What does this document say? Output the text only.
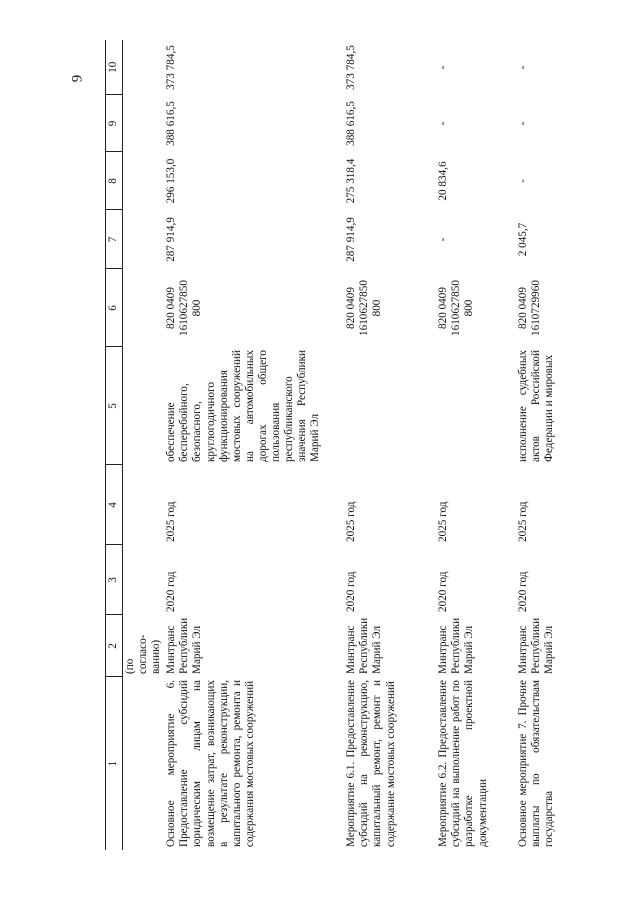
9
1	2	3	4	5	6	7	8	9	10
	(по согласо-ванию)								
Основное мероприятие 6. Предоставление субсидий юридическим лицам на возмещение затрат, возникающих в результате реконструкции, капитального ремонта, ремонта и содержания мостовых сооружений	Минтранс Республики Марий Эл	2020 год	2025 год	обеспечение бесперебойного, безопасного, круглогодичного функционирования мостовых сооружений на автомобильных дорогах общего пользования республиканского значения Республики Марий Эл	820 0409 1610627850 800	287 914,9	296 153,0	388 616,5	373 784,5
Мероприятие 6.1. Предоставление субсидий на реконструкцию, капитальный ремонт, ремонт и содержание мостовых сооружений	Минтранс Республики Марий Эл	2020 год	2025 год		820 0409 1610627850 800	287 914,9	275 318,4	388 616,5	373 784,5
Мероприятие 6.2. Предоставление субсидий на выполнение работ по разработке проектной документации	Минтранс Республики Марий Эл	2020 год	2025 год		820 0409 1610627850 800	-	20 834,6	-	-
Основное мероприятие 7. Прочие выплаты по обязательствам государства	Минтранс Республики Марий Эл	2020 год	2025 год	исполнение судебных актов Российской Федерации и мировых	820 0409 1610729960	2 045,7	-	-	-
